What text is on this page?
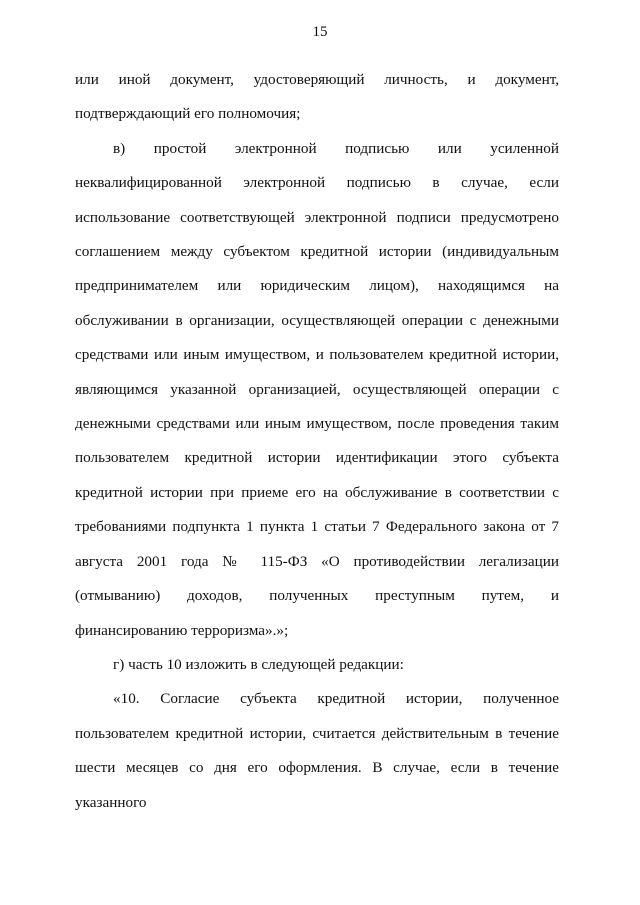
15

или иной документ, удостоверяющий личность, и документ, подтверждающий его полномочия;

в) простой электронной подписью или усиленной неквалифицированной электронной подписью в случае, если использование соответствующей электронной подписи предусмотрено соглашением между субъектом кредитной истории (индивидуальным предпринимателем или юридическим лицом), находящимся на обслуживании в организации, осуществляющей операции с денежными средствами или иным имуществом, и пользователем кредитной истории, являющимся указанной организацией, осуществляющей операции с денежными средствами или иным имуществом, после проведения таким пользователем кредитной истории идентификации этого субъекта кредитной истории при приеме его на обслуживание в соответствии с требованиями подпункта 1 пункта 1 статьи 7 Федерального закона от 7 августа 2001 года № 115-ФЗ «О противодействии легализации (отмыванию) доходов, полученных преступным путем, и финансированию терроризма».»;

г) часть 10 изложить в следующей редакции:

«10. Согласие субъекта кредитной истории, полученное пользователем кредитной истории, считается действительным в течение шести месяцев со дня его оформления. В случае, если в течение указанного
